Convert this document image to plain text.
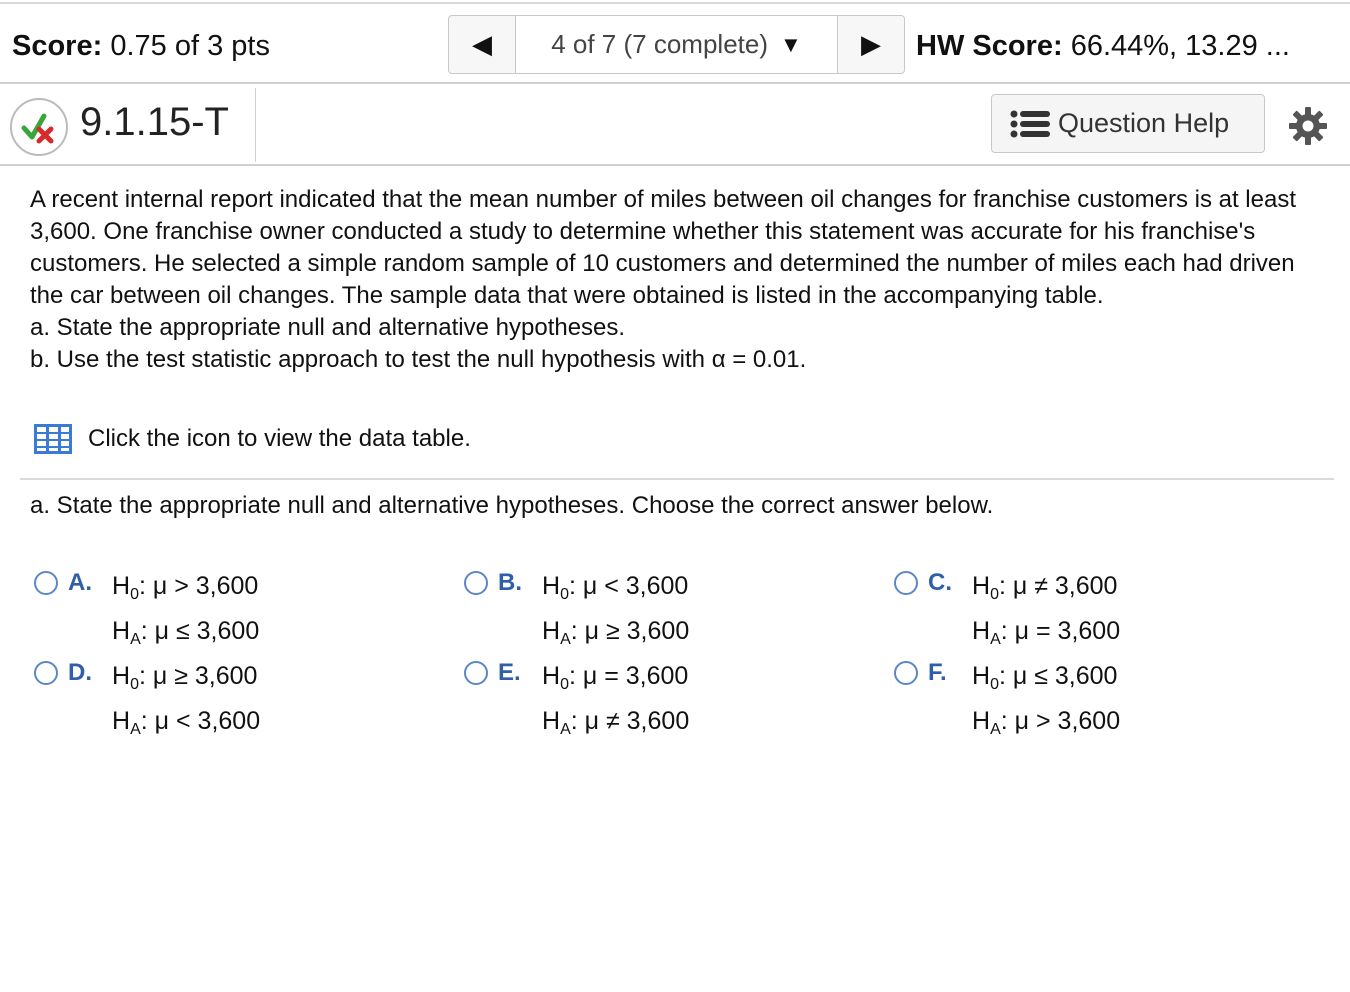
Score: 0.75 of 3 pts	◀ 4 of 7 (7 complete) ▼ ▶ HW Score: 66.44%, 13.29 ...
9.1.15-T	Question Help

A recent internal report indicated that the mean number of miles between oil changes for franchise customers is at least 3,600. One franchise owner conducted a study to determine whether this statement was accurate for his franchise's customers. He selected a simple random sample of 10 customers and determined the number of miles each had driven the car between oil changes. The sample data that were obtained is listed in the accompanying table.

a. State the appropriate null and alternative hypotheses.

b. Use the test statistic approach to test the null hypothesis with α = 0.01.

Click the icon to view the data table.
a. State the appropriate null and alternative hypotheses. Choose the correct answer below.
A. $H_0$: μ > 3,600
$H_A$: μ ≤ 3,600
B. $H_0$: μ < 3,600
$H_A$: μ ≥ 3,600
C. $H_0$: μ ≠ 3,600
$H_A$: μ = 3,600
D. $H_0$: μ ≥ 3,600
$H_A$: μ < 3,600
E. $H_0$: μ = 3,600
$H_A$: μ ≠ 3,600
F.	$H_0$: μ ≤ 3,600
$H_A$: μ > 3,600
